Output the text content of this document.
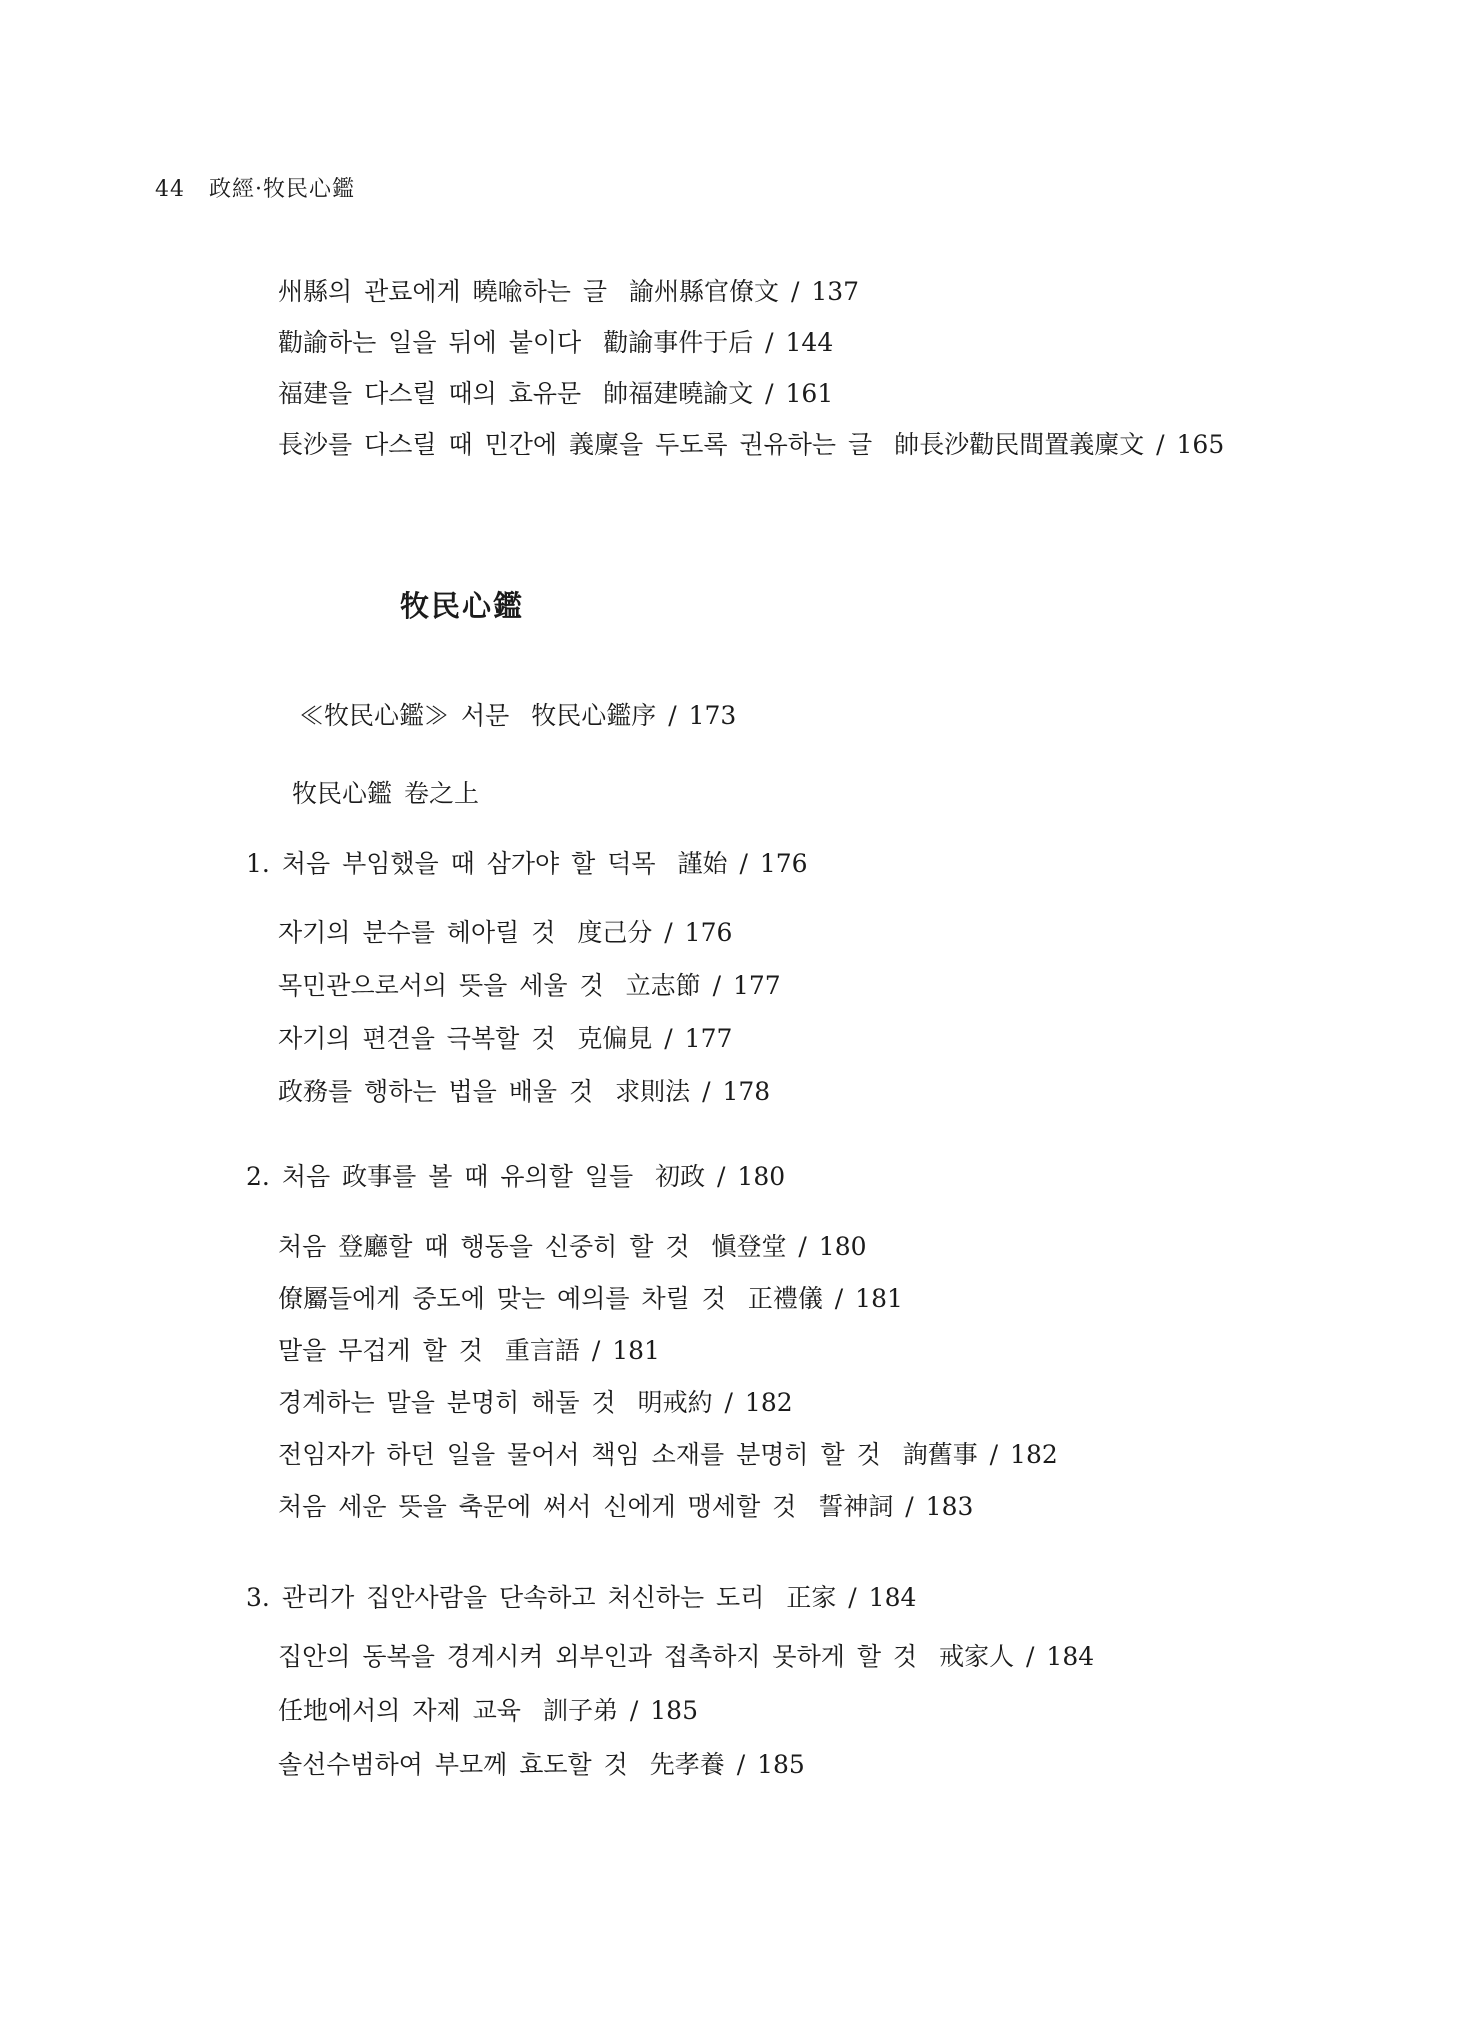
44 政經·牧民心鑑
州縣의 관료에게 曉喩하는 글 諭州縣官僚文 / 137
勸諭하는 일을 뒤에 붙이다 勸諭事件于后 / 144
福建을 다스릴 때의 효유문 帥福建曉諭文 / 161
長沙를 다스릴 때 민간에 義廩을 두도록 권유하는 글 帥長沙勸民間置義廩文 / 165
牧民心鑑
≪牧民心鑑≫ 서문 牧民心鑑序 / 173
牧民心鑑 卷之上
1. 처음 부임했을 때 삼가야 할 덕목 謹始 / 176
자기의 분수를 헤아릴 것 度己分 / 176
목민관으로서의 뜻을 세울 것 立志節 / 177
자기의 편견을 극복할 것 克偏見 / 177
政務를 행하는 법을 배울 것 求則法 / 178
2. 처음 政事를 볼 때 유의할 일들 初政 / 180
처음 登廳할 때 행동을 신중히 할 것 愼登堂 / 180
僚屬들에게 중도에 맞는 예의를 차릴 것 正禮儀 / 181
말을 무겁게 할 것 重言語 / 181
경계하는 말을 분명히 해둘 것 明戒約 / 182
전임자가 하던 일을 물어서 책임 소재를 분명히 할 것 詢舊事 / 182
처음 세운 뜻을 축문에 써서 신에게 맹세할 것 誓神詞 / 183
3. 관리가 집안사람을 단속하고 처신하는 도리 正家 / 184
집안의 동복을 경계시켜 외부인과 접촉하지 못하게 할 것 戒家人 / 184
任地에서의 자제 교육 訓子弟 / 185
솔선수범하여 부모께 효도할 것 先孝養 / 185
